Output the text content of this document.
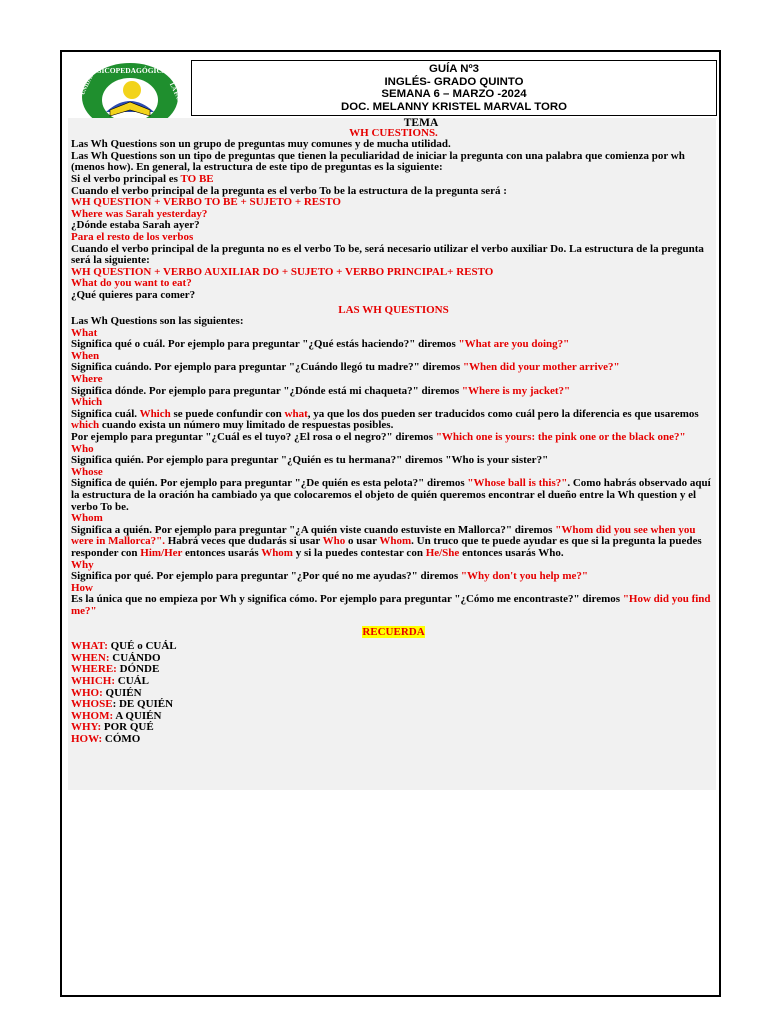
PSICOPEDAGÓGICA
UNIDAD	LA PAZ
GUÍA Nº3
INGLÉS- GRADO QUINTO
SEMANA 6 – MARZO -2024
DOC. MELANNY KRISTEL MARVAL TORO

TEMA

WH CUESTIONS.

Las Wh Questions son un grupo de preguntas muy comunes y de mucha utilidad.

Las Wh Questions son un tipo de preguntas que tienen la peculiaridad de iniciar la pregunta con una palabra que comienza por wh (menos how). En general, la estructura de este tipo de preguntas es la siguiente:

Si el verbo principal es TO BE

Cuando el verbo principal de la pregunta es el verbo To be la estructura de la pregunta será :

WH QUESTION + VERBO TO BE + SUJETO + RESTO

Where was Sarah yesterday?

¿Dónde estaba Sarah ayer?

Para el resto de los verbos

Cuando el verbo principal de la pregunta no es el verbo To be, será necesario utilizar el verbo auxiliar Do. La estructura de la pregunta será la siguiente:

WH QUESTION + VERBO AUXILIAR DO + SUJETO + VERBO PRINCIPAL+ RESTO

What do you want to eat?

¿Qué quieres para comer?

LAS WH QUESTIONS

Las Wh Questions son las siguientes:

What

Significa qué o cuál. Por ejemplo para preguntar "¿Qué estás haciendo?" diremos "What are you doing?"

When

Significa cuándo. Por ejemplo para preguntar "¿Cuándo llegó tu madre?" diremos "When did your mother arrive?"

Where

Significa dónde. Por ejemplo para preguntar "¿Dónde está mi chaqueta?" diremos "Where is my jacket?"

Which

Significa cuál. Which se puede confundir con what, ya que los dos pueden ser traducidos como cuál pero la diferencia es que usaremos which cuando exista un número muy limitado de respuestas posibles.

Por ejemplo para preguntar "¿Cuál es el tuyo? ¿El rosa o el negro?" diremos "Which one is yours: the pink one or the black one?"

Who

Significa quién. Por ejemplo para preguntar "¿Quién es tu hermana?" diremos "Who is your sister?"

Whose

Significa de quién. Por ejemplo para preguntar "¿De quién es esta pelota?" diremos "Whose ball is this?". Como habrás observado aquí la estructura de la oración ha cambiado ya que colocaremos el objeto de quién queremos encontrar el dueño entre la Wh question y el verbo To be.

Whom

Significa a quién. Por ejemplo para preguntar "¿A quién viste cuando estuviste en Mallorca?" diremos "Whom did you see when you were in Mallorca?". Habrá veces que dudarás si usar Who o usar Whom. Un truco que te puede ayudar es que si la pregunta la puedes responder con Him/Her entonces usarás Whom y si la puedes contestar con He/She entonces usarás Who.

Why

Significa por qué. Por ejemplo para preguntar "¿Por qué no me ayudas?" diremos "Why don't you help me?"

How

Es la única que no empieza por Wh y significa cómo. Por ejemplo para preguntar "¿Cómo me encontraste?" diremos "How did you find me?"

RECUERDA

WHAT: QUÉ o CUÁL

WHEN: CUÁNDO

WHERE: DÓNDE

WHICH: CUÁL

WHO: QUIÉN

WHOSE: DE QUIÉN

WHOM: A QUIÉN

WHY: POR QUÉ

HOW: CÓMO
